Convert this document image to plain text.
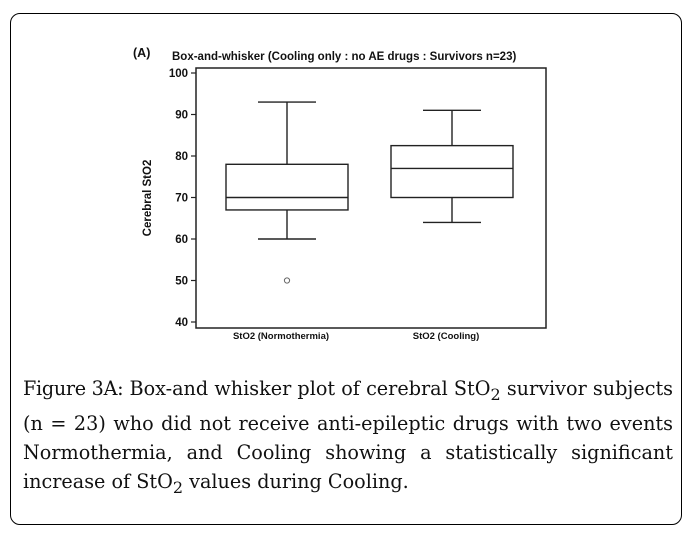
(A) Box-and-whisker (Cooling only : no AE drugs : Survivors n=23)
40
50
60
70
80
90
100
StO2 (Normothermia)	StO2 (Cooling)
Cerebral StO2
Figure 3A: Box-and whisker plot of cerebral StO$_2$ survivor subjects (n = 23) who did not receive anti-epileptic drugs with two events Normothermia, and Cooling showing a statistically significant increase of StO$_2$ values during Cooling.
